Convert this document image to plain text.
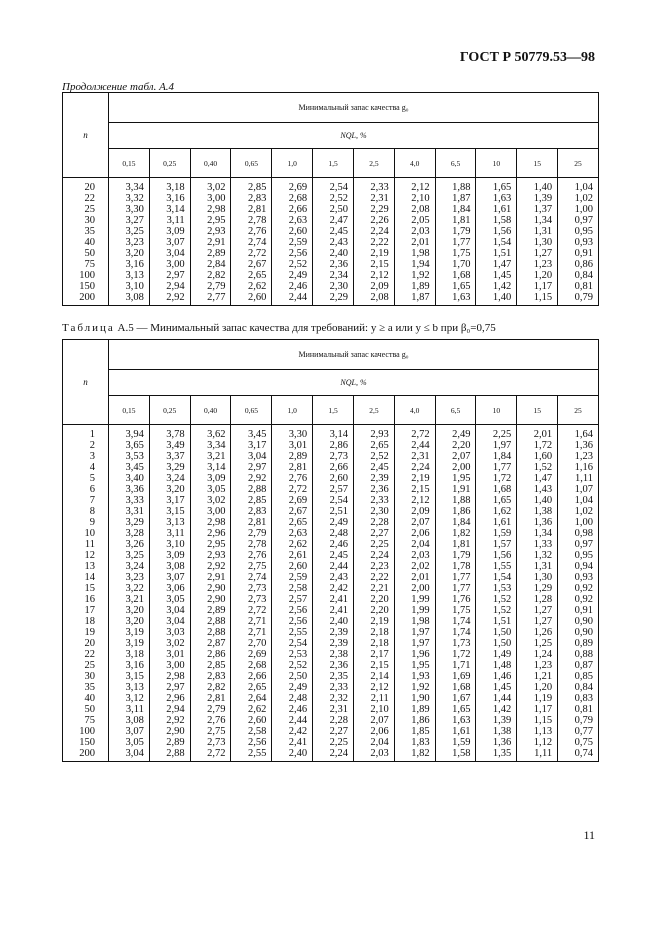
ГОСТ Р 50779.53—98
Продолжение табл. А.4
n	Минимальный запас качества g₀											
	NQL, %											
	0,15	0,25	0,40	0,65	1,0	1,5	2,5	4,0	6,5	10	15	25
20	3,34	3,18	3,02	2,85	2,69	2,54	2,33	2,12	1,88	1,65	1,40	1,04
22	3,32	3,16	3,00	2,83	2,68	2,52	2,31	2,10	1,87	1,63	1,39	1,02
25	3,30	3,14	2,98	2,81	2,66	2,50	2,29	2,08	1,84	1,61	1,37	1,00
30	3,27	3,11	2,95	2,78	2,63	2,47	2,26	2,05	1,81	1,58	1,34	0,97
35	3,25	3,09	2,93	2,76	2,60	2,45	2,24	2,03	1,79	1,56	1,31	0,95
40	3,23	3,07	2,91	2,74	2,59	2,43	2,22	2,01	1,77	1,54	1,30	0,93
50	3,20	3,04	2,89	2,72	2,56	2,40	2,19	1,98	1,75	1,51	1,27	0,91
75	3,16	3,00	2,84	2,67	2,52	2,36	2,15	1,94	1,70	1,47	1,23	0,86
100	3,13	2,97	2,82	2,65	2,49	2,34	2,12	1,92	1,68	1,45	1,20	0,84
150	3,10	2,94	2,79	2,62	2,46	2,30	2,09	1,89	1,65	1,42	1,17	0,81
200	3,08	2,92	2,77	2,60	2,44	2,29	2,08	1,87	1,63	1,40	1,15	0,79
Таблица А.5 — Минимальный запас качества для требований: y ≥ a или y ≤ b при β₀=0,75
n	Минимальный запас качества g₀											
	NQL, %											
	0,15	0,25	0,40	0,65	1,0	1,5	2,5	4,0	6,5	10	15	25
1	3,94	3,78	3,62	3,45	3,30	3,14	2,93	2,72	2,49	2,25	2,01	1,64
2	3,65	3,49	3,34	3,17	3,01	2,86	2,65	2,44	2,20	1,97	1,72	1,36
3	3,53	3,37	3,21	3,04	2,89	2,73	2,52	2,31	2,07	1,84	1,60	1,23
4	3,45	3,29	3,14	2,97	2,81	2,66	2,45	2,24	2,00	1,77	1,52	1,16
5	3,40	3,24	3,09	2,92	2,76	2,60	2,39	2,19	1,95	1,72	1,47	1,11
6	3,36	3,20	3,05	2,88	2,72	2,57	2,36	2,15	1,91	1,68	1,43	1,07
7	3,33	3,17	3,02	2,85	2,69	2,54	2,33	2,12	1,88	1,65	1,40	1,04
8	3,31	3,15	3,00	2,83	2,67	2,51	2,30	2,09	1,86	1,62	1,38	1,02
9	3,29	3,13	2,98	2,81	2,65	2,49	2,28	2,07	1,84	1,61	1,36	1,00
10	3,28	3,11	2,96	2,79	2,63	2,48	2,27	2,06	1,82	1,59	1,34	0,98
11	3,26	3,10	2,95	2,78	2,62	2,46	2,25	2,04	1,81	1,57	1,33	0,97
12	3,25	3,09	2,93	2,76	2,61	2,45	2,24	2,03	1,79	1,56	1,32	0,95
13	3,24	3,08	2,92	2,75	2,60	2,44	2,23	2,02	1,78	1,55	1,31	0,94
14	3,23	3,07	2,91	2,74	2,59	2,43	2,22	2,01	1,77	1,54	1,30	0,93
15	3,22	3,06	2,90	2,73	2,58	2,42	2,21	2,00	1,77	1,53	1,29	0,92
16	3,21	3,05	2,90	2,73	2,57	2,41	2,20	1,99	1,76	1,52	1,28	0,92
17	3,20	3,04	2,89	2,72	2,56	2,41	2,20	1,99	1,75	1,52	1,27	0,91
18	3,20	3,04	2,88	2,71	2,56	2,40	2,19	1,98	1,74	1,51	1,27	0,90
19	3,19	3,03	2,88	2,71	2,55	2,39	2,18	1,97	1,74	1,50	1,26	0,90
20	3,19	3,02	2,87	2,70	2,54	2,39	2,18	1,97	1,73	1,50	1,25	0,89
22	3,18	3,01	2,86	2,69	2,53	2,38	2,17	1,96	1,72	1,49	1,24	0,88
25	3,16	3,00	2,85	2,68	2,52	2,36	2,15	1,95	1,71	1,48	1,23	0,87
30	3,15	2,98	2,83	2,66	2,50	2,35	2,14	1,93	1,69	1,46	1,21	0,85
35	3,13	2,97	2,82	2,65	2,49	2,33	2,12	1,92	1,68	1,45	1,20	0,84
40	3,12	2,96	2,81	2,64	2,48	2,32	2,11	1,90	1,67	1,44	1,19	0,83
50	3,11	2,94	2,79	2,62	2,46	2,31	2,10	1,89	1,65	1,42	1,17	0,81
75	3,08	2,92	2,76	2,60	2,44	2,28	2,07	1,86	1,63	1,39	1,15	0,79
100	3,07	2,90	2,75	2,58	2,42	2,27	2,06	1,85	1,61	1,38	1,13	0,77
150	3,05	2,89	2,73	2,56	2,41	2,25	2,04	1,83	1,59	1,36	1,12	0,75
200	3,04	2,88	2,72	2,55	2,40	2,24	2,03	1,82	1,58	1,35	1,11	0,74
11
